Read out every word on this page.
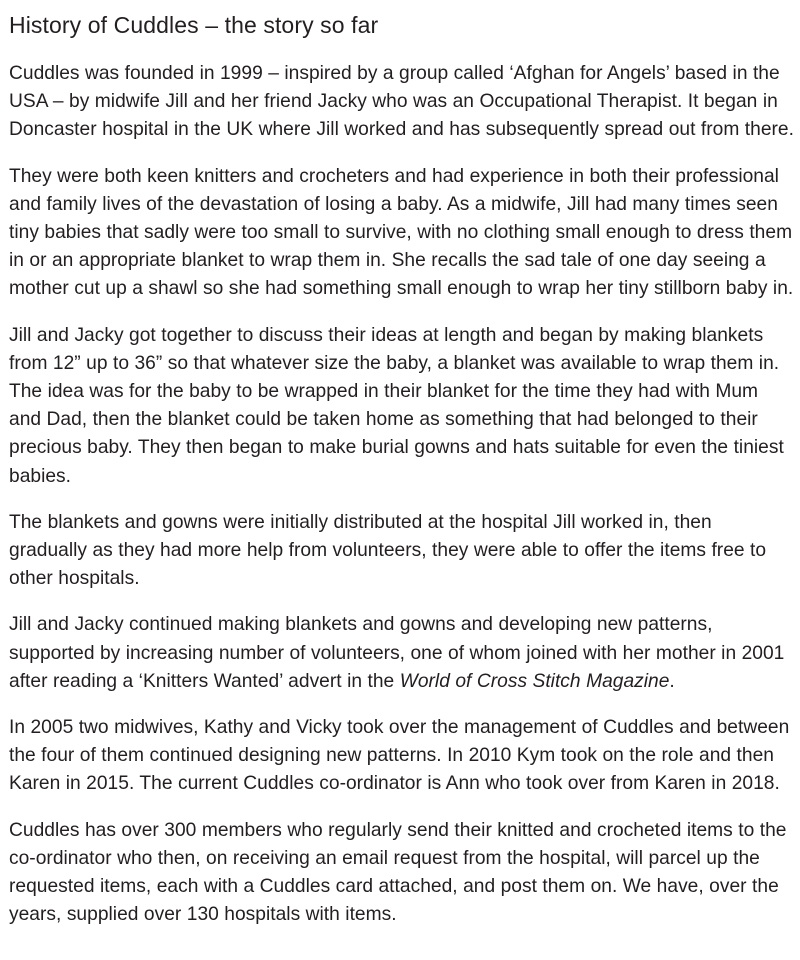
History of Cuddles – the story so far

Cuddles was founded in 1999 – inspired by a group called ‘Afghan for Angels’ based in the USA – by midwife Jill and her friend Jacky who was an Occupational Therapist. It began in Doncaster hospital in the UK where Jill worked and has subsequently spread out from there.

They were both keen knitters and crocheters and had experience in both their professional and family lives of the devastation of losing a baby. As a midwife, Jill had many times seen tiny babies that sadly were too small to survive, with no clothing small enough to dress them in or an appropriate blanket to wrap them in. She recalls the sad tale of one day seeing a mother cut up a shawl so she had something small enough to wrap her tiny stillborn baby in.

Jill and Jacky got together to discuss their ideas at length and began by making blankets from 12” up to 36” so that whatever size the baby, a blanket was available to wrap them in. The idea was for the baby to be wrapped in their blanket for the time they had with Mum and Dad, then the blanket could be taken home as something that had belonged to their precious baby. They then began to make burial gowns and hats suitable for even the tiniest babies.

The blankets and gowns were initially distributed at the hospital Jill worked in, then gradually as they had more help from volunteers, they were able to offer the items free to other hospitals.

Jill and Jacky continued making blankets and gowns and developing new patterns, supported by increasing number of volunteers, one of whom joined with her mother in 2001 after reading a ‘Knitters Wanted’ advert in the World of Cross Stitch Magazine.

In 2005 two midwives, Kathy and Vicky took over the management of Cuddles and between the four of them continued designing new patterns. In 2010 Kym took on the role and then Karen in 2015. The current Cuddles co-ordinator is Ann who took over from Karen in 2018.

Cuddles has over 300 members who regularly send their knitted and crocheted items to the co-ordinator who then, on receiving an email request from the hospital, will parcel up the requested items, each with a Cuddles card attached, and post them on. We have, over the years, supplied over 130 hospitals with items.
